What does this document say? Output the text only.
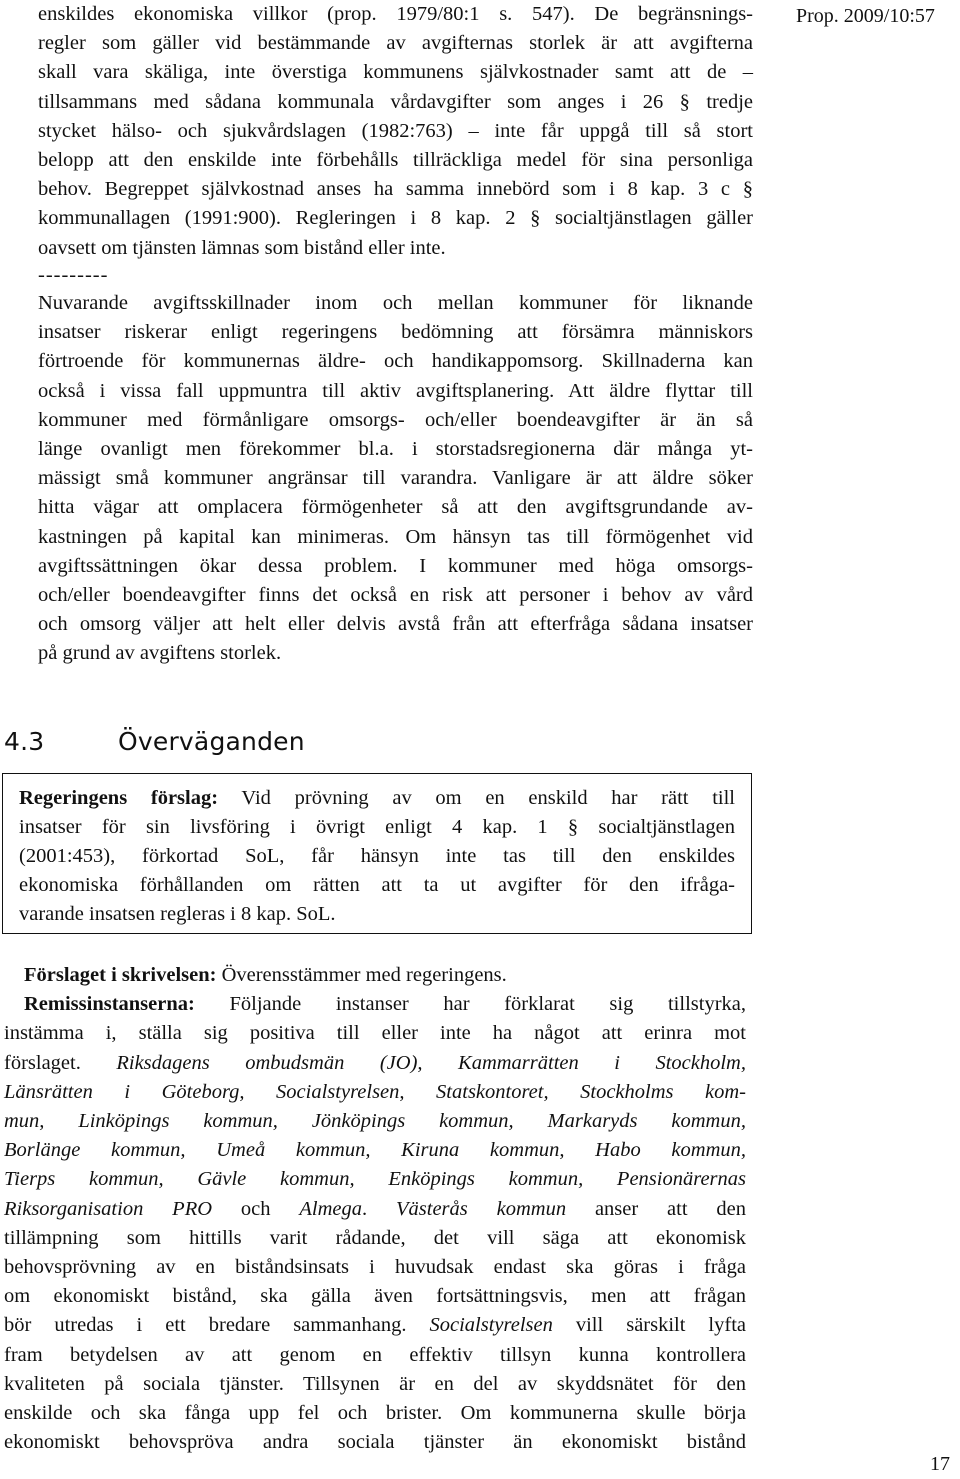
Prop. 2009/10:57
enskildes ekonomiska villkor (prop. 1979/80:1 s. 547). De begränsnings-
regler som gäller vid bestämmande av avgifternas storlek är att avgifterna
skall vara skäliga, inte överstiga kommunens självkostnader samt att de –
tillsammans med sådana kommunala vårdavgifter som anges i 26 § tredje
stycket hälso- och sjukvårdslagen (1982:763) – inte får uppgå till så stort
belopp att den enskilde inte förbehålls tillräckliga medel för sina personliga
behov. Begreppet självkostnad anses ha samma innebörd som i 8 kap. 3 c §
kommunallagen (1991:900). Regleringen i 8 kap. 2 § socialtjänstlagen gäller
oavsett om tjänsten lämnas som bistånd eller inte.
---------
Nuvarande avgiftsskillnader inom och mellan kommuner för liknande
insatser riskerar enligt regeringens bedömning att försämra människors
förtroende för kommunernas äldre- och handikappomsorg. Skillnaderna kan
också i vissa fall uppmuntra till aktiv avgiftsplanering. Att äldre flyttar till
kommuner med förmånligare omsorgs- och/eller boendeavgifter är än så
länge ovanligt men förekommer bl.a. i storstadsregionerna där många yt-
mässigt små kommuner angränsar till varandra. Vanligare är att äldre söker
hitta vägar att omplacera förmögenheter så att den avgiftsgrundande av-
kastningen på kapital kan minimeras. Om hänsyn tas till förmögenhet vid
avgiftssättningen ökar dessa problem. I kommuner med höga omsorgs-
och/eller boendeavgifter finns det också en risk att personer i behov av vård
och omsorg väljer att helt eller delvis avstå från att efterfråga sådana insatser
på grund av avgiftens storlek.
4.3	Överväganden
Regeringens förslag: Vid prövning av om en enskild har rätt till
insatser för sin livsföring i övrigt enligt 4 kap. 1 § socialtjänstlagen
(2001:453), förkortad SoL, får hänsyn inte tas till den enskildes
ekonomiska förhållanden om rätten att ta ut avgifter för den ifråga-
varande insatsen regleras i 8 kap. SoL.
Förslaget i skrivelsen: Överensstämmer med regeringens.
Remissinstanserna: Följande instanser har förklarat sig tillstyrka,
instämma i, ställa sig positiva till eller inte ha något att erinra mot
förslaget. Riksdagens ombudsmän (JO), Kammarrätten i Stockholm,
Länsrätten i Göteborg, Socialstyrelsen, Statskontoret, Stockholms kom-
mun, Linköpings kommun, Jönköpings kommun, Markaryds kommun,
Borlänge kommun, Umeå kommun, Kiruna kommun, Habo kommun,
Tierps kommun, Gävle kommun, Enköpings kommun, Pensionärernas
Riksorganisation PRO och Almega. Västerås kommun anser att den
tillämpning som hittills varit rådande, det vill säga att ekonomisk
behovsprövning av en biståndsinsats i huvudsak endast ska göras i fråga
om ekonomiskt bistånd, ska gälla även fortsättningsvis, men att frågan
bör utredas i ett bredare sammanhang. Socialstyrelsen vill särskilt lyfta
fram betydelsen av att genom en effektiv tillsyn kunna kontrollera
kvaliteten på sociala tjänster. Tillsynen är en del av skyddsnätet för den
enskilde och ska fånga upp fel och brister. Om kommunerna skulle börja
ekonomiskt behovspröva andra sociala tjänster än ekonomiskt bistånd
17
